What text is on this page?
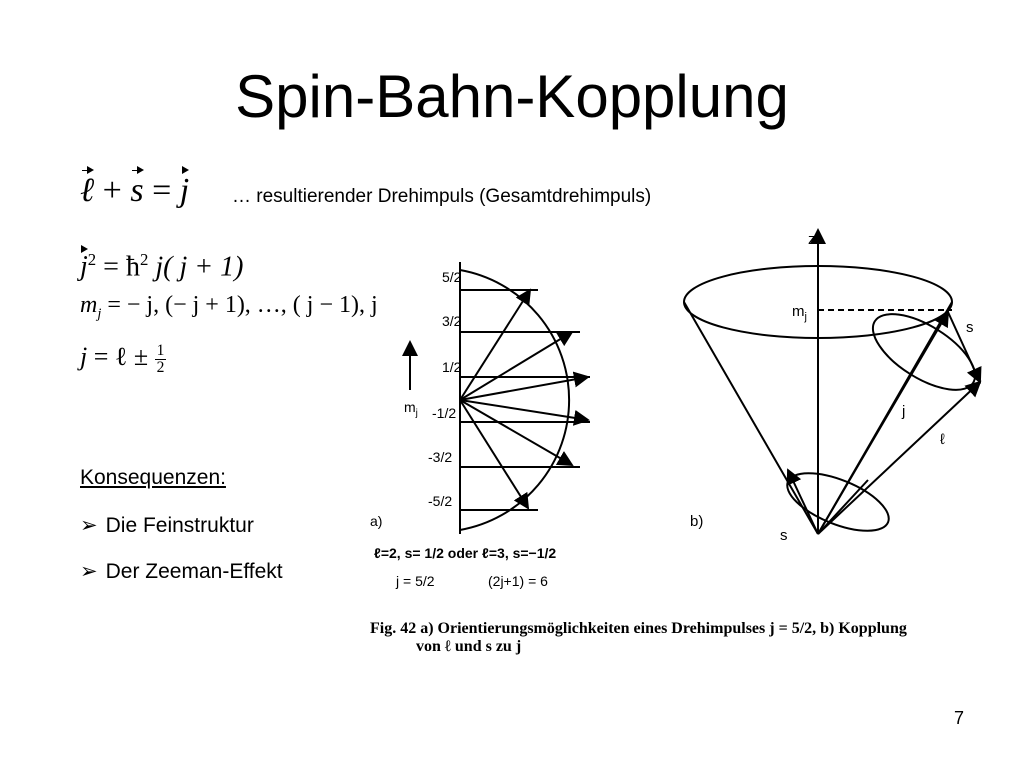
Spin-Bahn-Kopplung
ℓ + s = j … resultierender Drehimpuls (Gesamtdrehimpuls)
$j^2$ = $ħ^2$ j( j + 1)
$m_j$ = − j, (− j + 1), …, ( j − 1), j
j = ℓ ± $\frac{1}{2}$
Konsequenzen:
➢ Die Feinstruktur
➢ Der Zeeman-Effekt
5/2
3/2
1/2
-1/2
-3/2
-5/2
$m_j$
a)
ℓ=2, s= 1/2 oder ℓ=3, s=−1/2
j = 5/2	(2j+1) = 6
z
$m_j$
s
j
ℓ
s
b)
Fig. 42 a) Orientierungsmöglichkeiten eines Drehimpulses j = 5/2, b) Kopplung
von ℓ und s zu j
7
